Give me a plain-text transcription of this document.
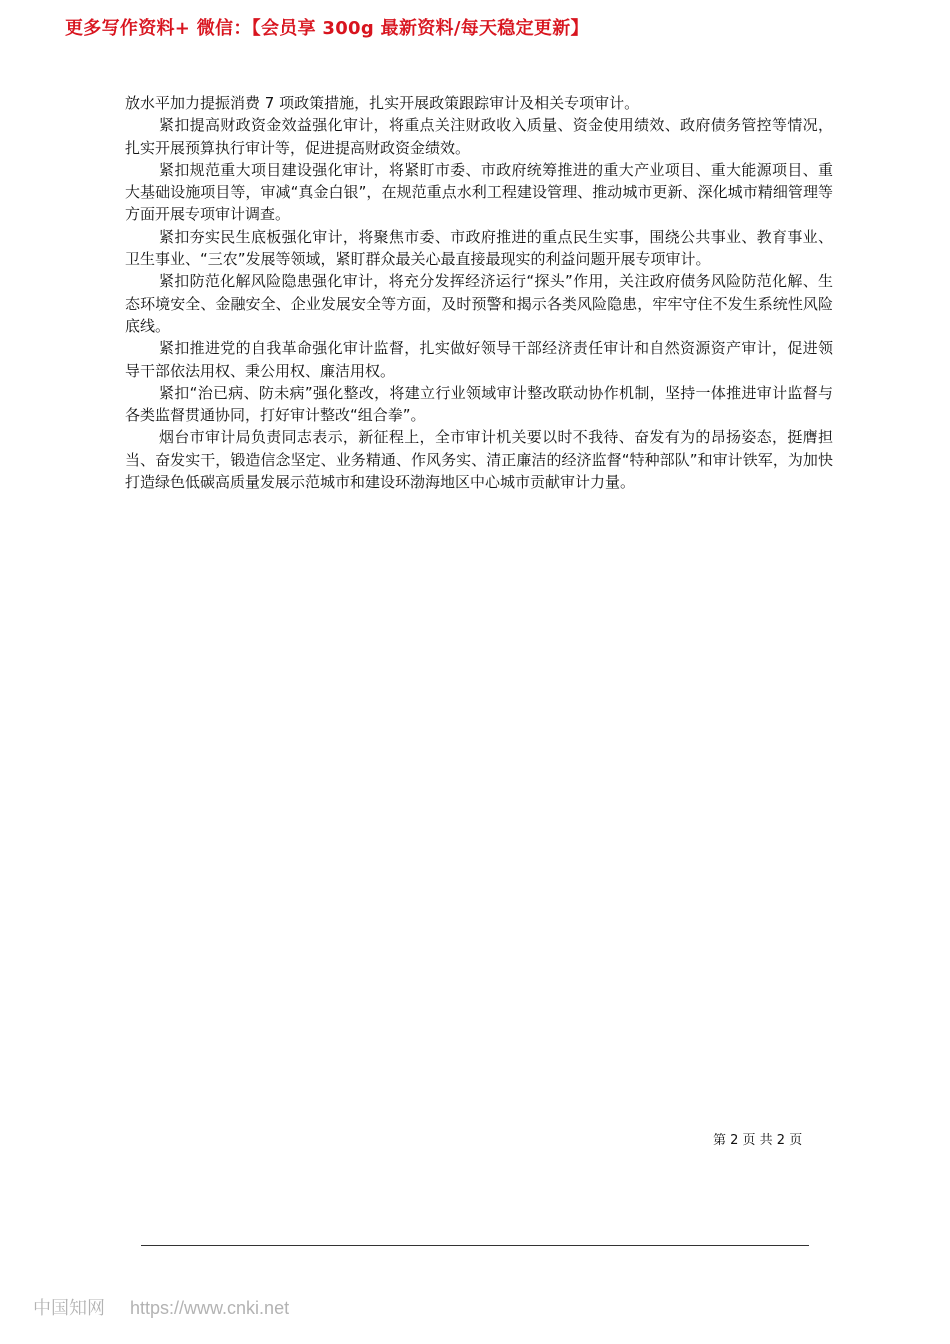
更多写作资料+ 微信：【会员享 300g 最新资料/每天稳定更新】

放水平加力提振消费 7 项政策措施，扎实开展政策跟踪审计及相关专项审计。

紧扣提高财政资金效益强化审计，将重点关注财政收入质量、资金使用绩效、政府债务管控等情况，扎实开展预算执行审计等，促进提高财政资金绩效。

紧扣规范重大项目建设强化审计，将紧盯市委、市政府统筹推进的重大产业项目、重大能源项目、重大基础设施项目等，审减“真金白银”，在规范重点水利工程建设管理、推动城市更新、深化城市精细管理等方面开展专项审计调查。

紧扣夯实民生底板强化审计，将聚焦市委、市政府推进的重点民生实事，围绕公共事业、教育事业、卫生事业、“三农”发展等领域，紧盯群众最关心最直接最现实的利益问题开展专项审计。

紧扣防范化解风险隐患强化审计，将充分发挥经济运行“探头”作用，关注政府债务风险防范化解、生态环境安全、金融安全、企业发展安全等方面，及时预警和揭示各类风险隐患，牢牢守住不发生系统性风险底线。

紧扣推进党的自我革命强化审计监督，扎实做好领导干部经济责任审计和自然资源资产审计，促进领导干部依法用权、秉公用权、廉洁用权。

紧扣“治已病、防未病”强化整改，将建立行业领域审计整改联动协作机制，坚持一体推进审计监督与各类监督贯通协同，打好审计整改“组合拳”。

烟台市审计局负责同志表示，新征程上，全市审计机关要以时不我待、奋发有为的昂扬姿态，挺膺担当、奋发实干，锻造信念坚定、业务精通、作风务实、清正廉洁的经济监督“特种部队”和审计铁军，为加快打造绿色低碳高质量发展示范城市和建设环渤海地区中心城市贡献审计力量。

第 2 页 共 2 页
中国知网 https://www.cnki.net
